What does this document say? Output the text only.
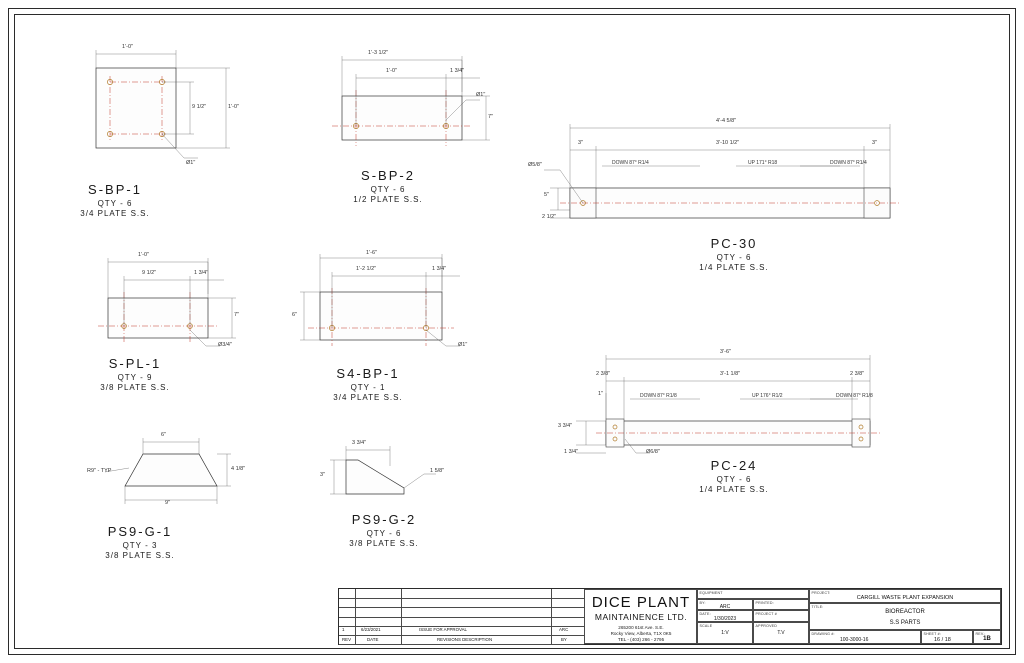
1'-0"
9 1/2"	1'-0"
Ø1"
S-BP-1
QTY - 6
3/4 PLATE S.S.
1'-3 1/2"
1'-0"	1 3/4"
7"
Ø1"
S-BP-2
QTY - 6
1/2 PLATE S.S.
1'-0"
9 1/2"	1 3/4"
7"
Ø3/4"
S-PL-1
QTY - 9
3/8 PLATE S.S.
1'-6"
1'-2 1/2"	1 3/4"
6"
Ø1"
S4-BP-1
QTY - 1
3/4 PLATE S.S.
6"
R9" - TYP	4 1/8"
9"
PS9-G-1
QTY - 3
3/8 PLATE S.S.
3 3/4"
3"
1 5/8"
PS9-G-2
QTY - 6
3/8 PLATE S.S.
4'-4 5/8"
3'-10 1/2"
3"	3"
Ø5/8"
5"
2 1/2"
DOWN 87° R1/4	UP 171° R18	DOWN 87° R1/4
PC-30
QTY - 6
1/4 PLATE S.S.
3'-6"
3'-1 1/8"
2 3/8"	2 3/8"
1"
3 3/4"
1 3/4"	Ø6/8"
DOWN 87° R1/8	UP 176° R1/2	DOWN 87° R1/8
PC-24
QTY - 6
1/4 PLATE S.S.
1	6/23/2021	ISSUE FOR APPROVAL	ARC
REV	DATE	REVISIONS DESCRIPTION	BY
DICE PLANT
MAINTAINENCE LTD.
265200 61st Ave. S.E.
Rocky View, Alberta, T1X 0K5
TEL - (403) 266 - 2795
EQUIPMENT
BY:
ARC
PRINTED:
DATE:
1/30/2023
PROJECT #
SCALE
1:V
APPROVED
T.V
PROJECT:
CARGILL WASTE PLANT EXPANSION
TITLE:
BIOREACTOR
S.S PARTS
DRAWING #:
100-3000-16
SHEET #:
16 / 18
REV.:
1B
